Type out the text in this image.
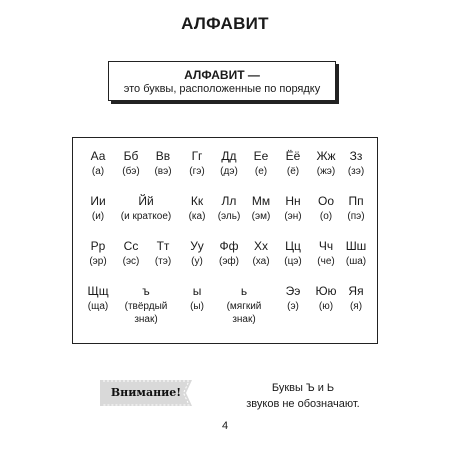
АЛФАВИТ
АЛФАВИТ —
это буквы, расположенные по порядку
Аа
(а)
Бб
(бэ)
Вв
(вэ)
Гг
(гэ)
Дд
(дэ)
Ее
(е)
Ёё
(ё)
Жж
(жэ)
Зз
(зэ)
Ии
(и)
Йй
(и краткое)
Кк
(ка)
Лл
(эль)
Мм
(эм)
Нн
(эн)
Оо
(о)
Пп
(пэ)
Рр
(эр)
Сс
(эс)
Тт
(тэ)
Уу
(у)
Фф
(эф)
Хх
(ха)
Цц
(цэ)
Чч
(че)
Шш
(ша)
Щщ
(ща)
ъ
(твёрдый
знак)
ы
(ы)
ь
(мягкий
знак)
Ээ
(э)
Юю
(ю)
Яя
(я)
Внимание!	Буквы Ъ и Ь
звуков не обозначают.
4
